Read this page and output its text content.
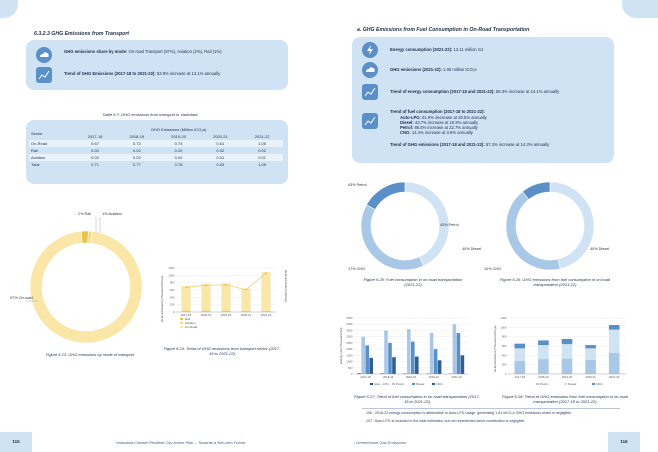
6.3.2.3 GHG Emissions from Transport
GHG emissions share by mode: On-road Transport (97%), Aviation (2%), Rail (1%)
Trend of GHG Emissions (2017-18 to 2021-22): 53.9% increase at 13.1% annually
Table 6.7: GHG emissions from transport in Vadodara
Sector	GHG Emissions (Million tCO₂e)				
	2017-18	2018-19	2019-20	2020-21	2021-22
On-Road	0.67	0.73	0.74	0.61	1.06
Rail	0.02	0.02	0.02	0.02	0.02
Aviation	0.02	0.02	0.02	0.01	0.01
Total	0.71	0.77	0.78	0.63	1.09
2% Rail	1% Aviation
97% On-road
Figure 6.23: GHG emissions by mode of transport
GHG Emissions (Thousand tCO₂e)	GHG Emissions (tCO₂e)
0
200
400
600
800
1000
1200
2017-18	2018-19	2019-20	2020-21	2021-22
Rail
Aviation
On-Road
Figure 6.24: Trend of GHG emissions from transport sector (2017-18 to 2021-22)
115	Vadodara Climate Resilient City Action Plan – Towards a Net-zero Future
a. GHG Emissions from Fuel Consumption in On-Road Transportation
Energy consumption (2021-22): 13.11 million GJ
GHG emissions (2021-22): 1.05 million tCO₂e
Trend of energy consumption (2017-18 and 2021-22): 58.3% increase at 14.1% annually
Trend of fuel consumption (2017-18 to 2021-22):
Auto-LPG: 61.9% decrease at 20.5% annually
Diesel: 43.7% increase at 10.9% annually
Petrol: 86.5% increase at 22.7% annually
CNG: 14.4% increase at 3.6% annually
Trend of GHG emissions (2017-18 and 2021-22): 57.3% increase at 14.3% annually
43% Petrol
40% Diesel
17% CNG
Figure 6.25: Fuel consumption in on-road transportation (2021-22)
43% Petrol
40% Diesel
10% CNG
Figure 6.26: GHG emissions from fuel consumption in on-road transportation (2021-22)
Energy Use (Thousand GJ)
0
500
1000
1500
2000
2500
3000
3500
4000
4500
2017-18	2018-19	2019-20	2020-21	2021-22
Auto - LPG Petrol	Diesel	CNG
Figure 6.27: Trend of fuel consumption in on-road transportation (2017-18 to 2021-22)
GHG Emissions (Thousand tCO₂e)
0
200
400
600
800
1000
1200
2017-18	2018-19	2019-20	2020-21	2021-22
Petrol	Diesel	CNG
Figure 6.28: Trend of GHG emissions from fuel consumption in on-road transportation (2017-18 to 2021-22)
106 : 2018-22 energy consumption is attributable to Auto-LPG usage, generating 1.81 ktCO₂e GHG emissions which is negligible
107 : Auto-LPG is included in the total estimates, but not represented since contribution is negligible
/ Greenhouse Gas Emissions	116
